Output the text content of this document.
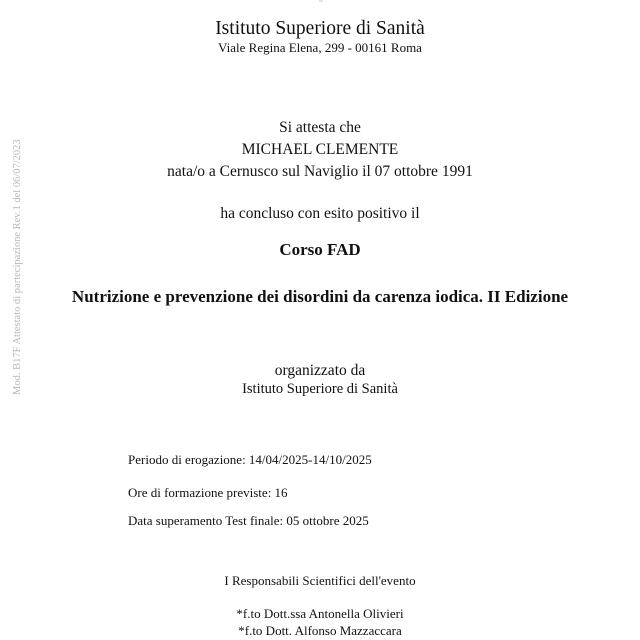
Istituto Superiore di Sanità
Viale Regina Elena, 299 - 00161 Roma
Mod. B17F Attestato di partecipazione Rev.1 del 06/07/2023
Si attesta che
MICHAEL CLEMENTE
nata/o a Cernusco sul Naviglio il 07 ottobre 1991
ha concluso con esito positivo il
Corso FAD
Nutrizione e prevenzione dei disordini da carenza iodica. II Edizione
organizzato da
Istituto Superiore di Sanità
Periodo di erogazione: 14/04/2025-14/10/2025
Ore di formazione previste: 16
Data superamento Test finale: 05 ottobre 2025
I Responsabili Scientifici dell'evento
*f.to Dott.ssa Antonella Olivieri
*f.to Dott. Alfonso Mazzaccara
